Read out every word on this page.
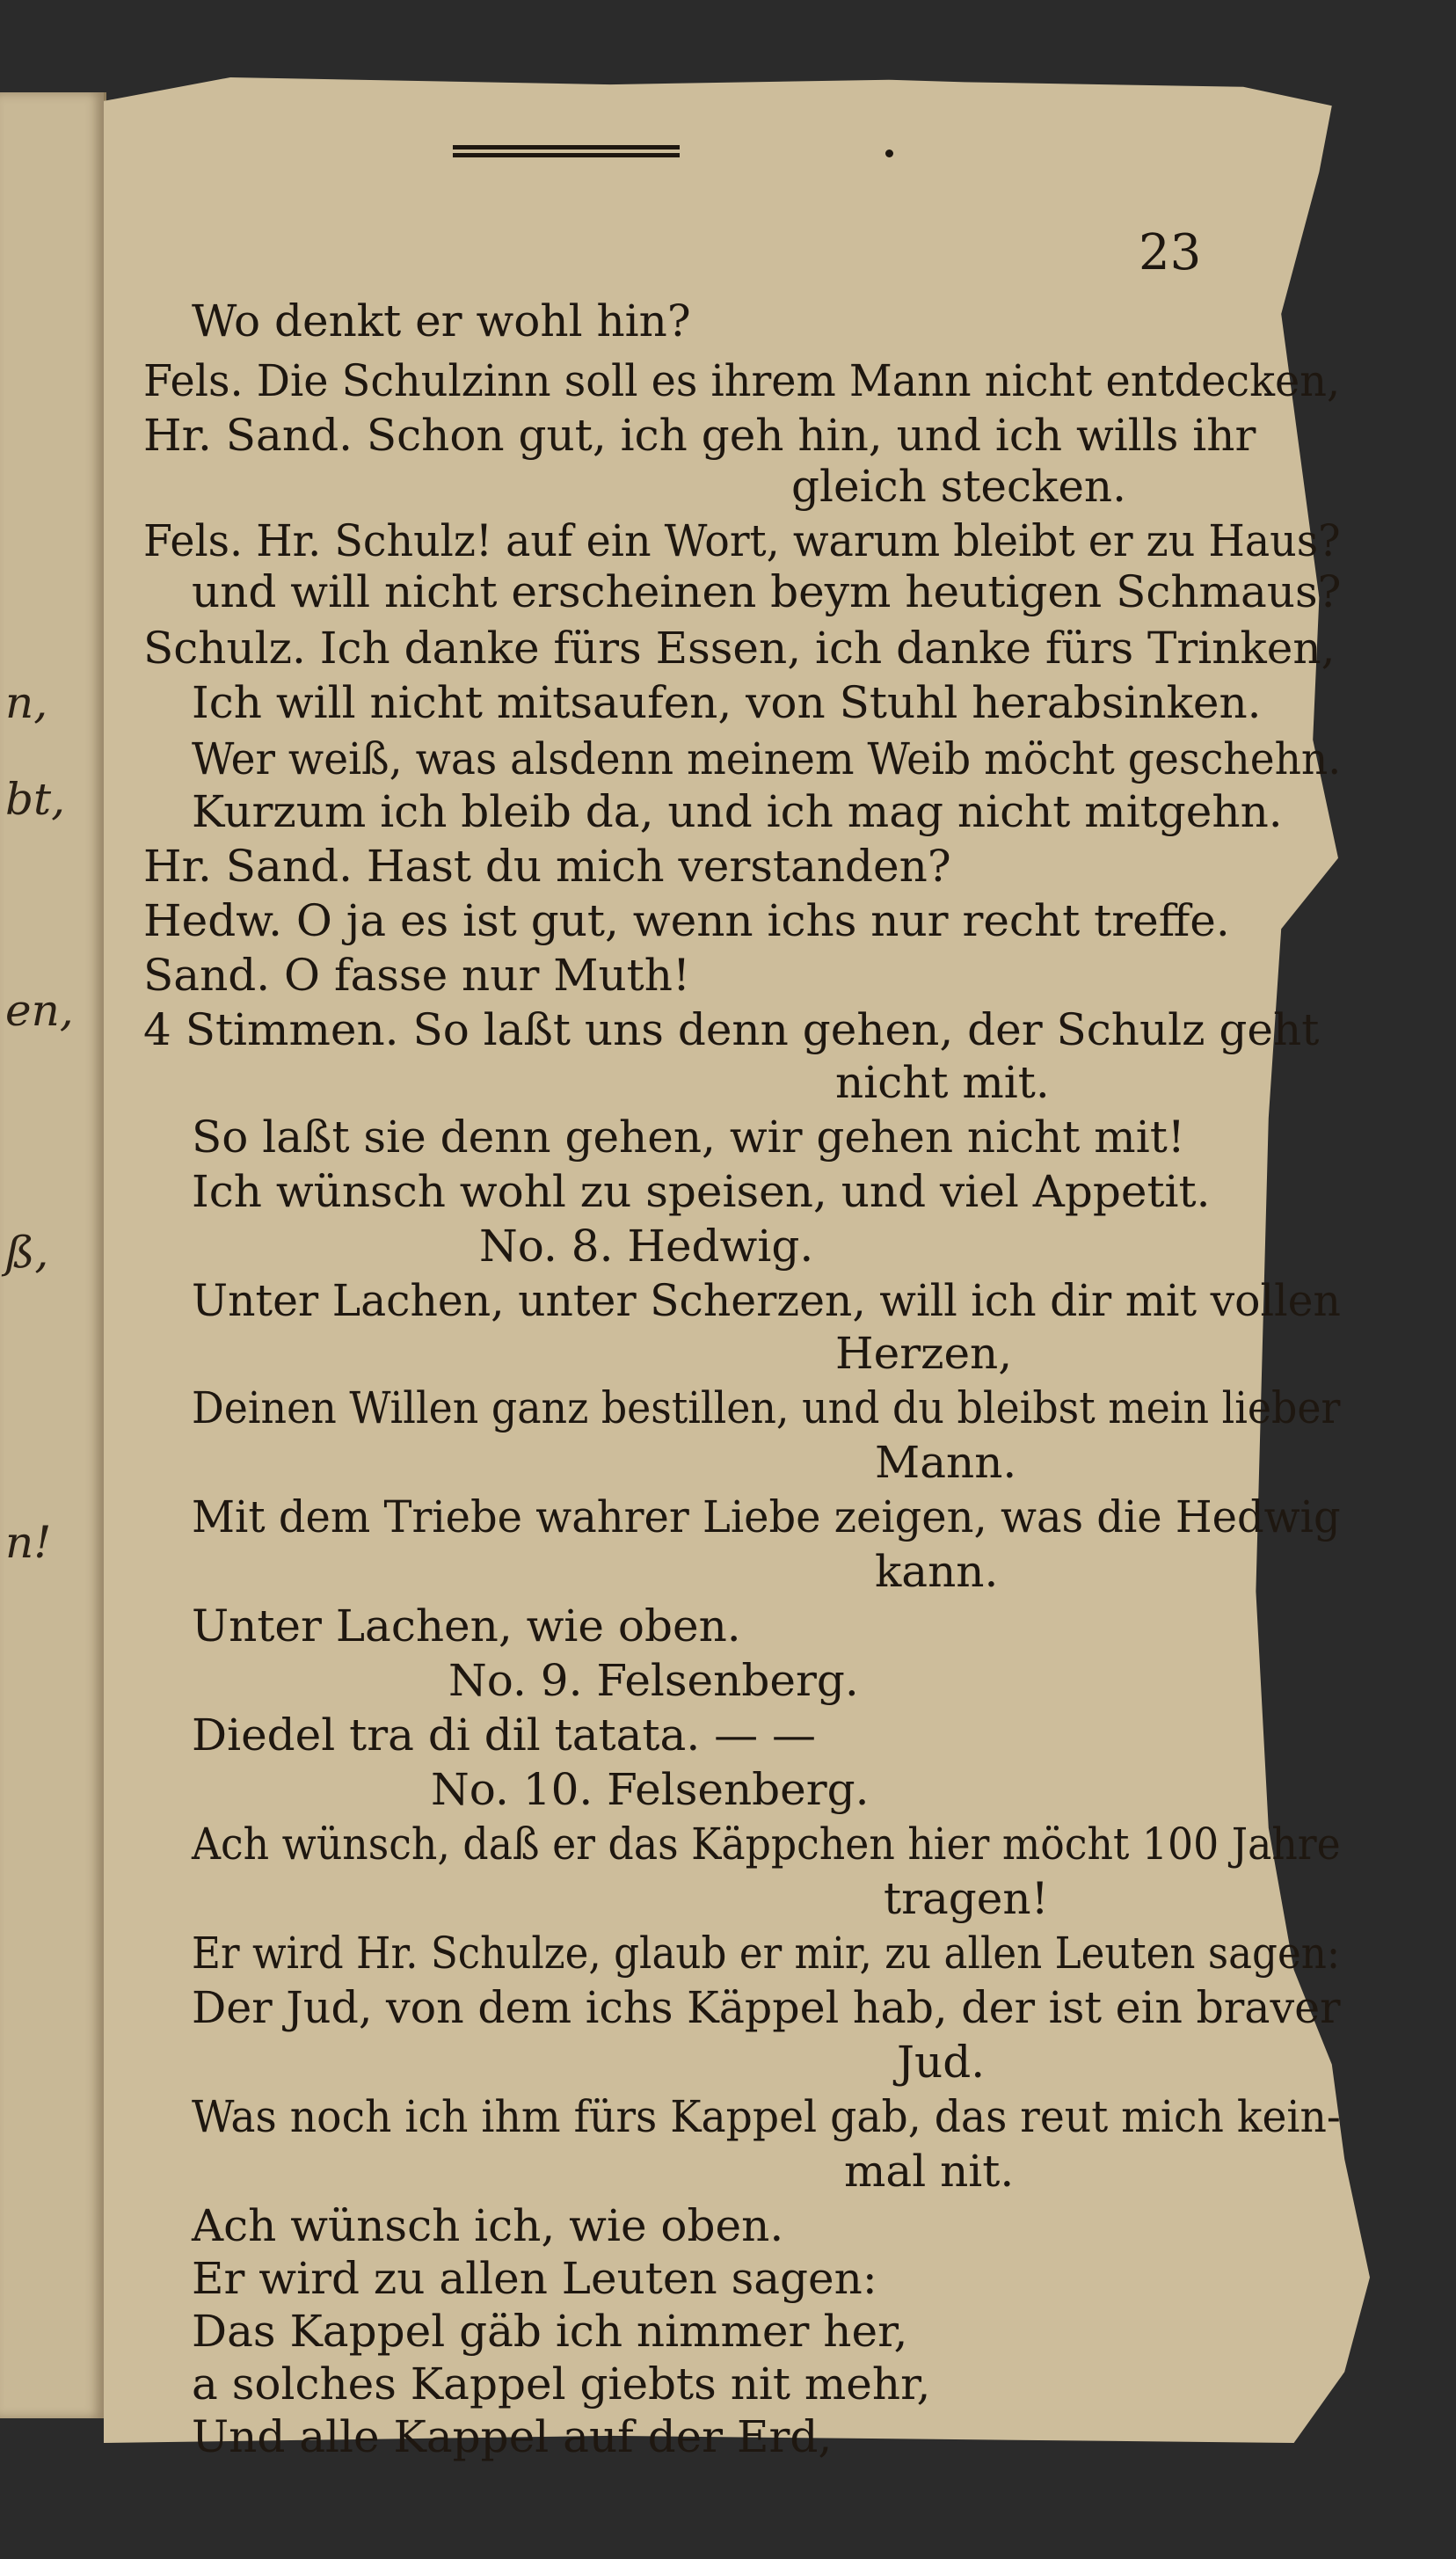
n,
bt,
en,
ß,
n!
23
Wo denkt er wohl hin?
Fels. Die Schulzinn soll es ihrem Mann nicht entdecken,
Hr. Sand. Schon gut, ich geh hin, und ich wills ihr
gleich stecken.
Fels. Hr. Schulz! auf ein Wort, warum bleibt er zu Haus?
und will nicht erscheinen beym heutigen Schmaus?
Schulz. Ich danke fürs Essen, ich danke fürs Trinken,
Ich will nicht mitsaufen, von Stuhl herabsinken.
Wer weiß, was alsdenn meinem Weib möcht geschehn.
Kurzum ich bleib da, und ich mag nicht mitgehn.
Hr. Sand. Hast du mich verstanden?
Hedw. O ja es ist gut, wenn ichs nur recht treffe.
Sand. O fasse nur Muth!
4 Stimmen. So laßt uns denn gehen, der Schulz geht
nicht mit.
So laßt sie denn gehen, wir gehen nicht mit!
Ich wünsch wohl zu speisen, und viel Appetit.
No. 8. Hedwig.
Unter Lachen, unter Scherzen, will ich dir mit vollen
Herzen,
Deinen Willen ganz bestillen, und du bleibst mein lieber
Mann.
Mit dem Triebe wahrer Liebe zeigen, was die Hedwig
kann.
Unter Lachen, wie oben.
No. 9. Felsenberg.
Diedel tra di dil tatata. — —
No. 10. Felsenberg.
Ach wünsch, daß er das Käppchen hier möcht 100 Jahre
tragen!
Er wird Hr. Schulze, glaub er mir, zu allen Leuten sagen:
Der Jud, von dem ichs Käppel hab, der ist ein braver
Jud.
Was noch ich ihm fürs Kappel gab, das reut mich kein-
mal nit.
Ach wünsch ich, wie oben.
Er wird zu allen Leuten sagen:
Das Kappel gäb ich nimmer her,
a solches Kappel giebts nit mehr,
Und alle Kappel auf der Erd,
